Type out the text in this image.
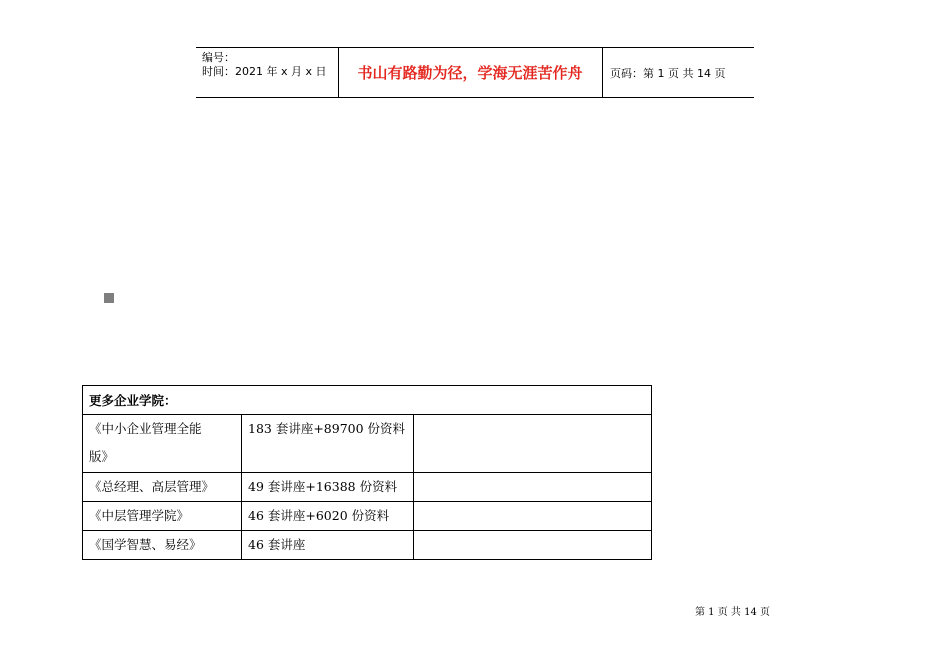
编号：
时间：2021 年 x 月 x 日	书山有路勤为径，学海无涯苦作舟	页码：第 1 页 共 14 页
更多企业学院：		

《中小企业管理全能
版》	183 套讲座+89700 份资料	

《总经理、高层管理》	49 套讲座+16388 份资料	

《中层管理学院》	46 套讲座+6020 份资料	

《国学智慧、易经》	46 套讲座	

第 1 页 共 14 页
